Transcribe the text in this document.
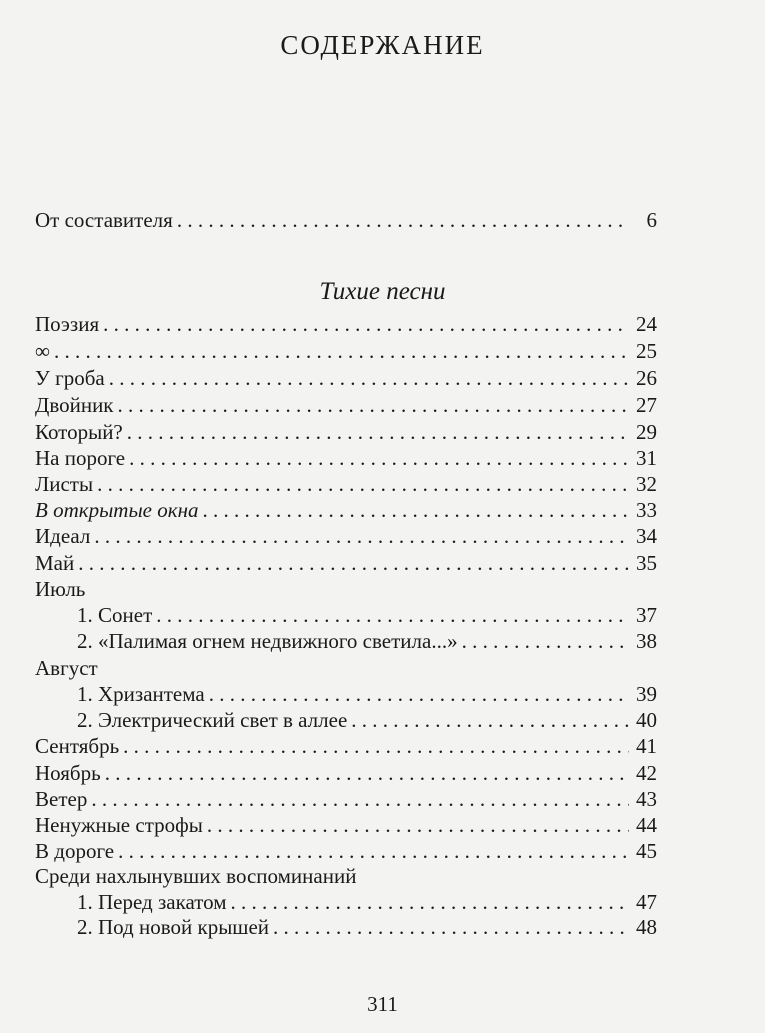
СОДЕРЖАНИЕ
От составителя . . .	6
Тихие песни
Поэзия . . .	24
∞ . . .	25
У гроба . . .	26
Двойник . . .	27
Который? . . .	29
На пороге . . .	31
Листы . . .	32
В открытые окна . . .	33
Идеал . . .	34
Май . . .	35
Июль
1. Сонет . . .	37
2. «Палимая огнем недвижного светила...» . . .	38
Август
1. Хризантема . . .	39
2. Электрический свет в аллее . . .	40
Сентябрь . . .	41
Ноябрь . . .	42
Ветер . . .	43
Ненужные строфы . . .	44
В дороге . . .	45
Среди нахлынувших воспоминаний
1. Перед закатом . . .	47
2. Под новой крышей . . .	48
311
